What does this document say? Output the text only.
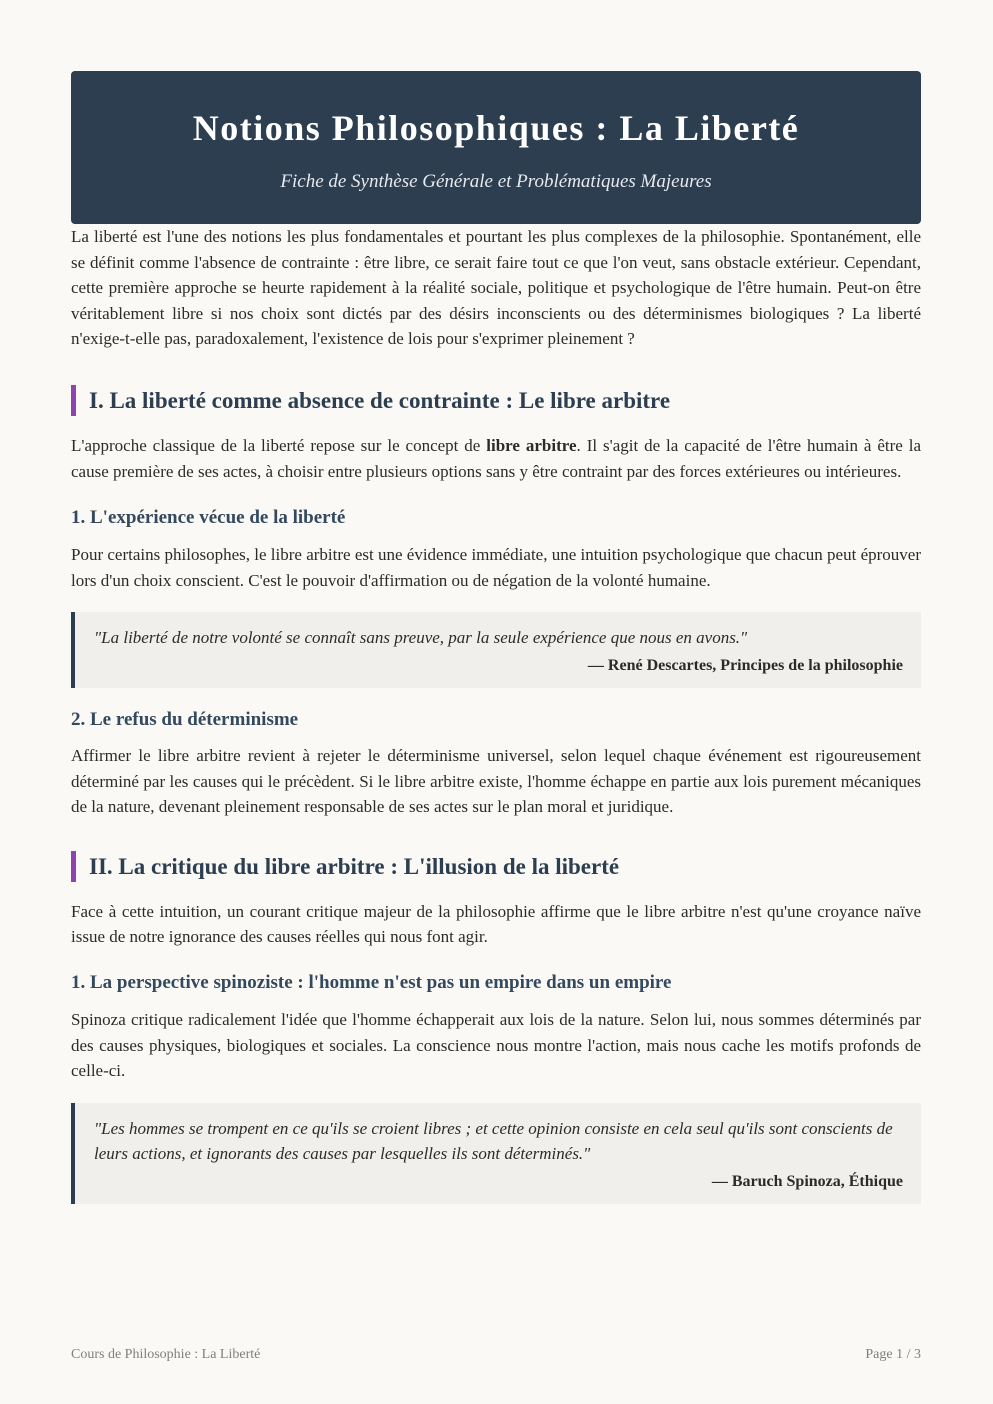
Notions Philosophiques : La Liberté
Fiche de Synthèse Générale et Problématiques Majeures

La liberté est l'une des notions les plus fondamentales et pourtant les plus complexes de la philosophie. Spontanément, elle se définit comme l'absence de contrainte : être libre, ce serait faire tout ce que l'on veut, sans obstacle extérieur. Cependant, cette première approche se heurte rapidement à la réalité sociale, politique et psychologique de l'être humain. Peut-on être véritablement libre si nos choix sont dictés par des désirs inconscients ou des déterminismes biologiques ? La liberté n'exige-t-elle pas, paradoxalement, l'existence de lois pour s'exprimer pleinement ?

I. La liberté comme absence de contrainte : Le libre arbitre

L'approche classique de la liberté repose sur le concept de libre arbitre. Il s'agit de la capacité de l'être humain à être la cause première de ses actes, à choisir entre plusieurs options sans y être contraint par des forces extérieures ou intérieures.

1. L'expérience vécue de la liberté

Pour certains philosophes, le libre arbitre est une évidence immédiate, une intuition psychologique que chacun peut éprouver lors d'un choix conscient. C'est le pouvoir d'affirmation ou de négation de la volonté humaine.

"La liberté de notre volonté se connaît sans preuve, par la seule expérience que nous en avons."

— René Descartes, Principes de la philosophie
2. Le refus du déterminisme

Affirmer le libre arbitre revient à rejeter le déterminisme universel, selon lequel chaque événement est rigoureusement déterminé par les causes qui le précèdent. Si le libre arbitre existe, l'homme échappe en partie aux lois purement mécaniques de la nature, devenant pleinement responsable de ses actes sur le plan moral et juridique.

II. La critique du libre arbitre : L'illusion de la liberté

Face à cette intuition, un courant critique majeur de la philosophie affirme que le libre arbitre n'est qu'une croyance naïve issue de notre ignorance des causes réelles qui nous font agir.

1. La perspective spinoziste : l'homme n'est pas un empire dans un empire

Spinoza critique radicalement l'idée que l'homme échapperait aux lois de la nature. Selon lui, nous sommes déterminés par des causes physiques, biologiques et sociales. La conscience nous montre l'action, mais nous cache les motifs profonds de celle-ci.

"Les hommes se trompent en ce qu'ils se croient libres ; et cette opinion consiste en cela seul qu'ils sont conscients de leurs actions, et ignorants des causes par lesquelles ils sont déterminés."

— Baruch Spinoza, Éthique
Cours de Philosophie : La Liberté	Page 1 / 3
